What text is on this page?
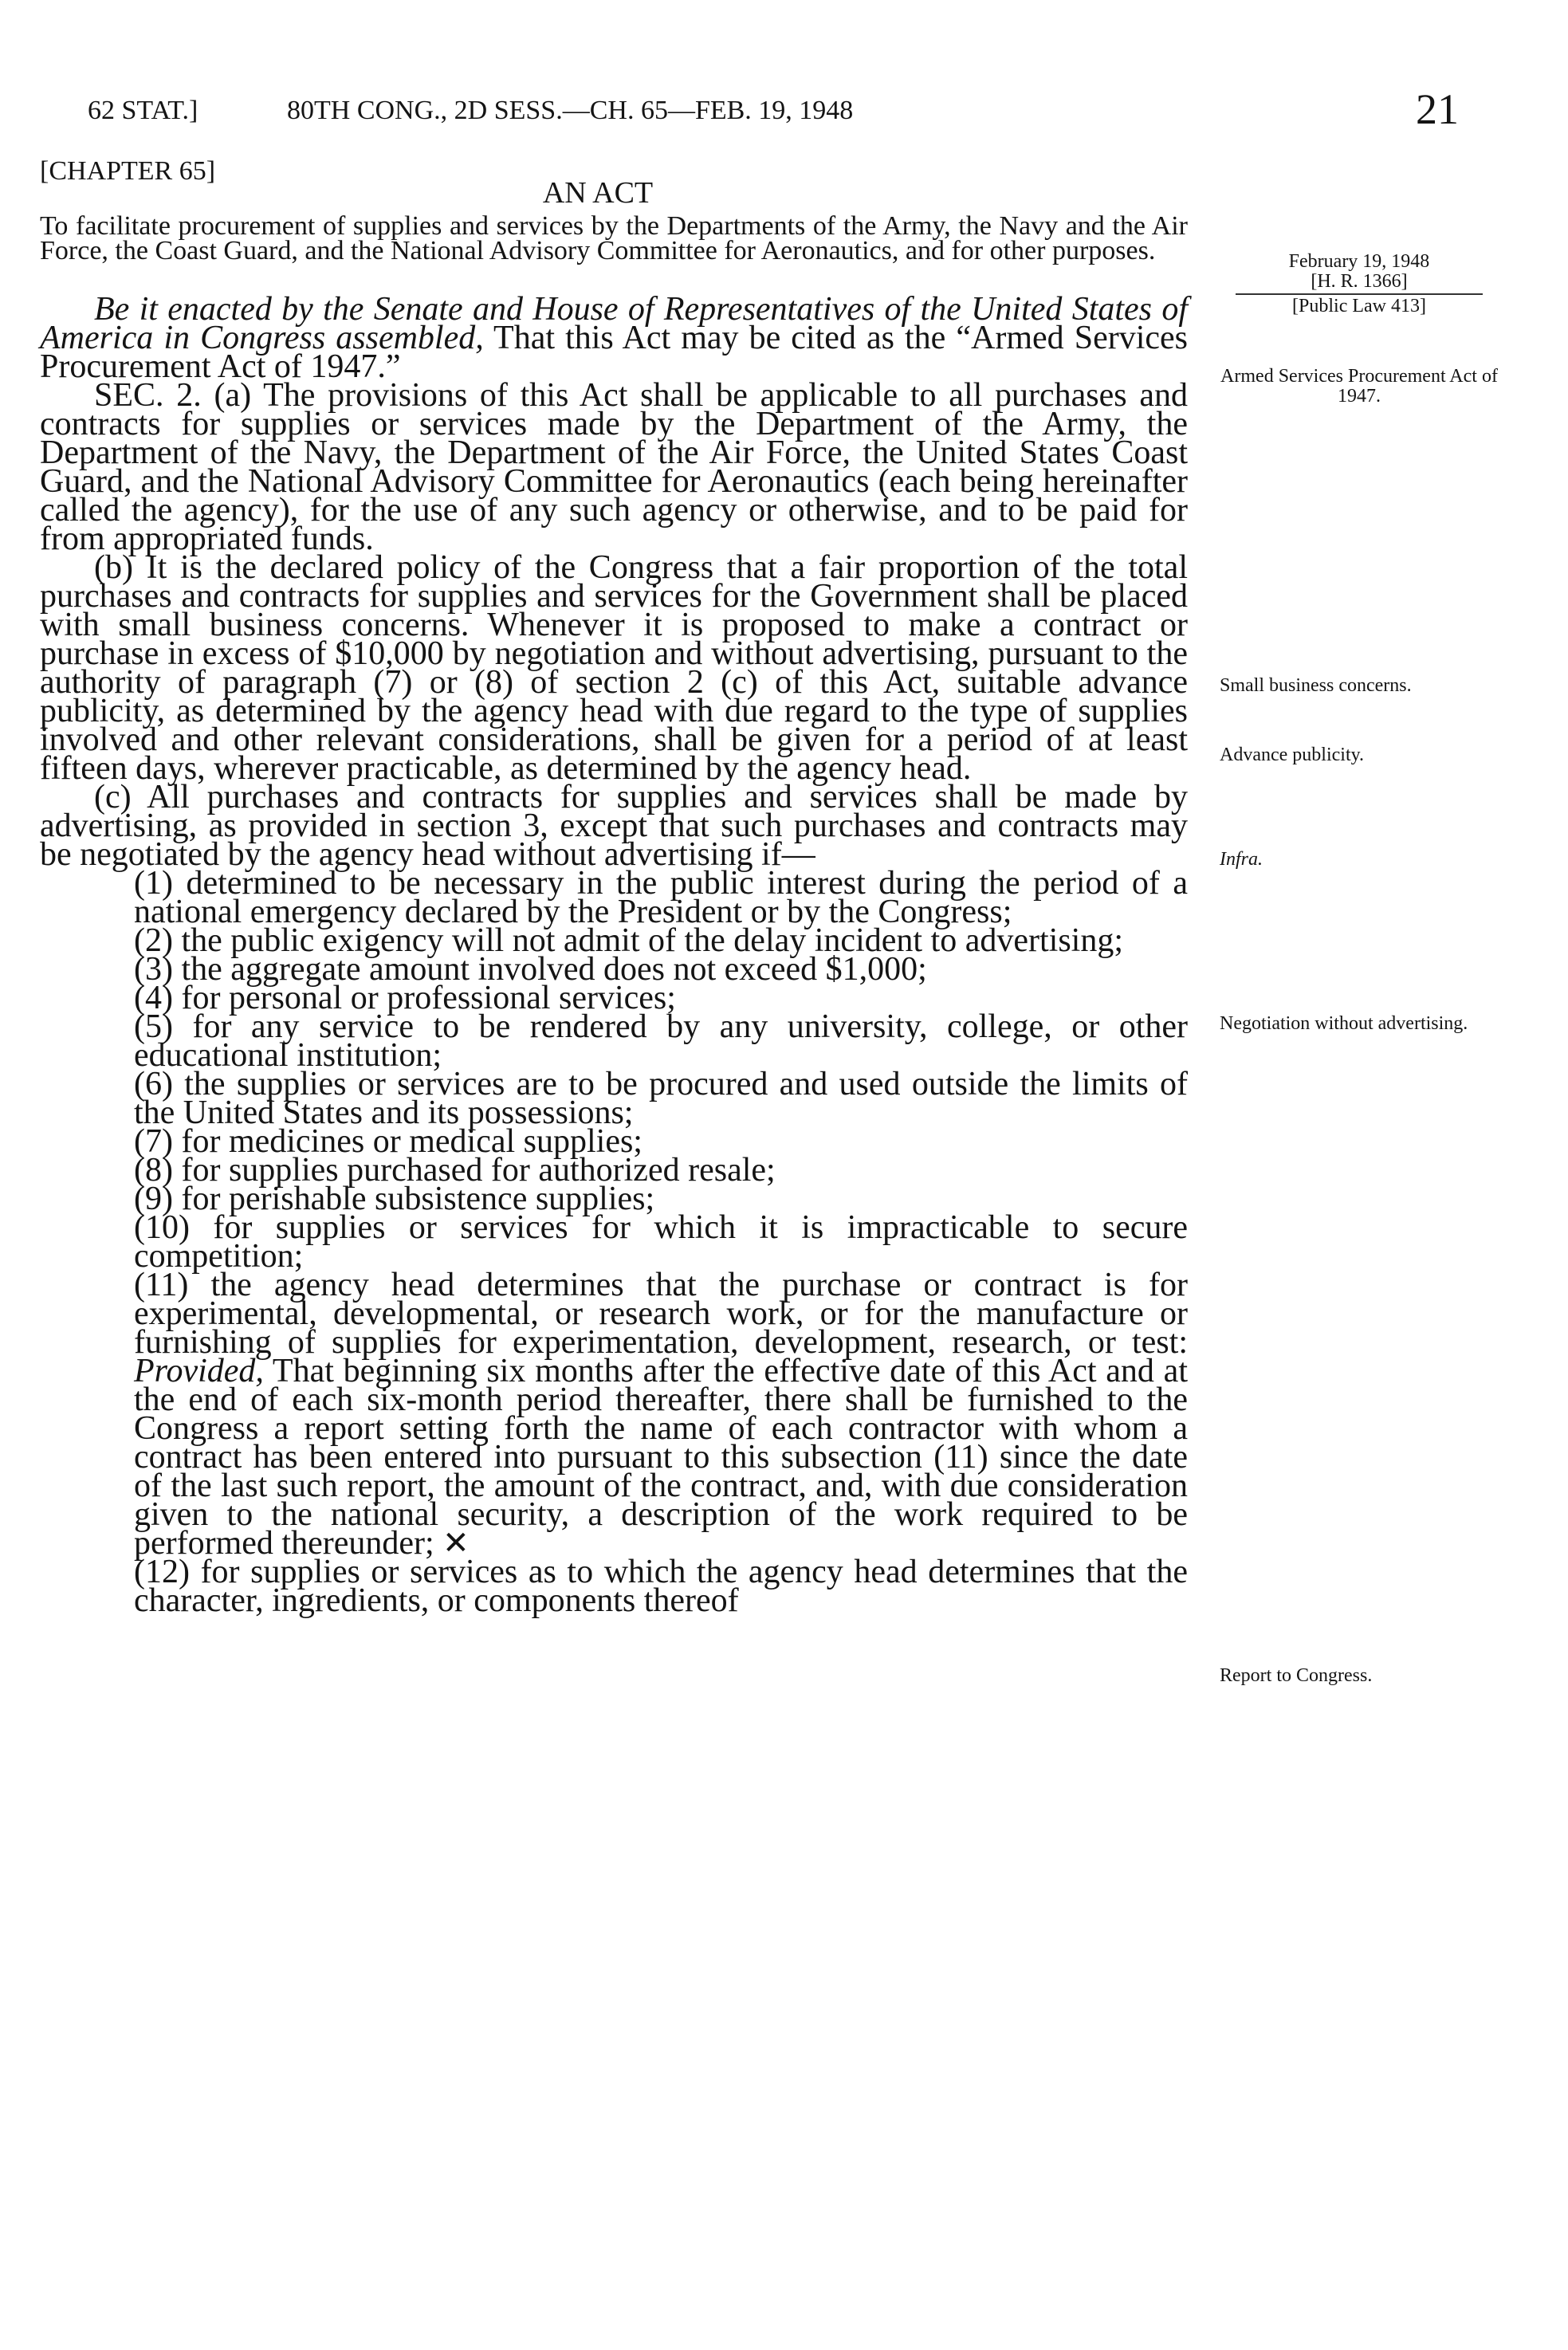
62 STAT.]	80TH CONG., 2D SESS.—CH. 65—FEB. 19, 1948	21
[CHAPTER 65]
AN ACT

To facilitate procurement of supplies and services by the Departments of the Army, the Navy and the Air Force, the Coast Guard, and the National Advisory Committee for Aeronautics, and for other purposes.

Be it enacted by the Senate and House of Representatives of the United States of America in Congress assembled, That this Act may be cited as the “Armed Services Procurement Act of 1947.”

SEC. 2. (a) The provisions of this Act shall be applicable to all purchases and contracts for supplies or services made by the Department of the Army, the Department of the Navy, the Department of the Air Force, the United States Coast Guard, and the National Advisory Committee for Aeronautics (each being hereinafter called the agency), for the use of any such agency or otherwise, and to be paid for from appropriated funds.

(b) It is the declared policy of the Congress that a fair proportion of the total purchases and contracts for supplies and services for the Government shall be placed with small business concerns. Whenever it is proposed to make a contract or purchase in excess of $10,000 by negotiation and without advertising, pursuant to the authority of paragraph (7) or (8) of section 2 (c) of this Act, suitable advance publicity, as determined by the agency head with due regard to the type of supplies involved and other relevant considerations, shall be given for a period of at least fifteen days, wherever practicable, as determined by the agency head.

(c) All purchases and contracts for supplies and services shall be made by advertising, as provided in section 3, except that such purchases and contracts may be negotiated by the agency head without advertising if—

(1) determined to be necessary in the public interest during the period of a national emergency declared by the President or by the Congress;

(2) the public exigency will not admit of the delay incident to advertising;

(3) the aggregate amount involved does not exceed $1,000;

(4) for personal or professional services;

(5) for any service to be rendered by any university, college, or other educational institution;

(6) the supplies or services are to be procured and used outside the limits of the United States and its possessions;

(7) for medicines or medical supplies;

(8) for supplies purchased for authorized resale;

(9) for perishable subsistence supplies;

(10) for supplies or services for which it is impracticable to secure competition;

(11) the agency head determines that the purchase or contract is for experimental, developmental, or research work, or for the manufacture or furnishing of supplies for experimentation, development, research, or test: Provided, That beginning six months after the effective date of this Act and at the end of each six-month period thereafter, there shall be furnished to the Congress a report setting forth the name of each contractor with whom a contract has been entered into pursuant to this subsection (11) since the date of the last such report, the amount of the contract, and, with due consideration given to the national security, a description of the work required to be performed thereunder; ✕

(12) for supplies or services as to which the agency head determines that the character, ingredients, or components thereof

February 19, 1948
[H. R. 1366]
[Public Law 413]
Armed Services Procurement Act of 1947.
Small business concerns.
Advance publicity.
Infra.
Negotiation without advertising.
Report to Congress.
